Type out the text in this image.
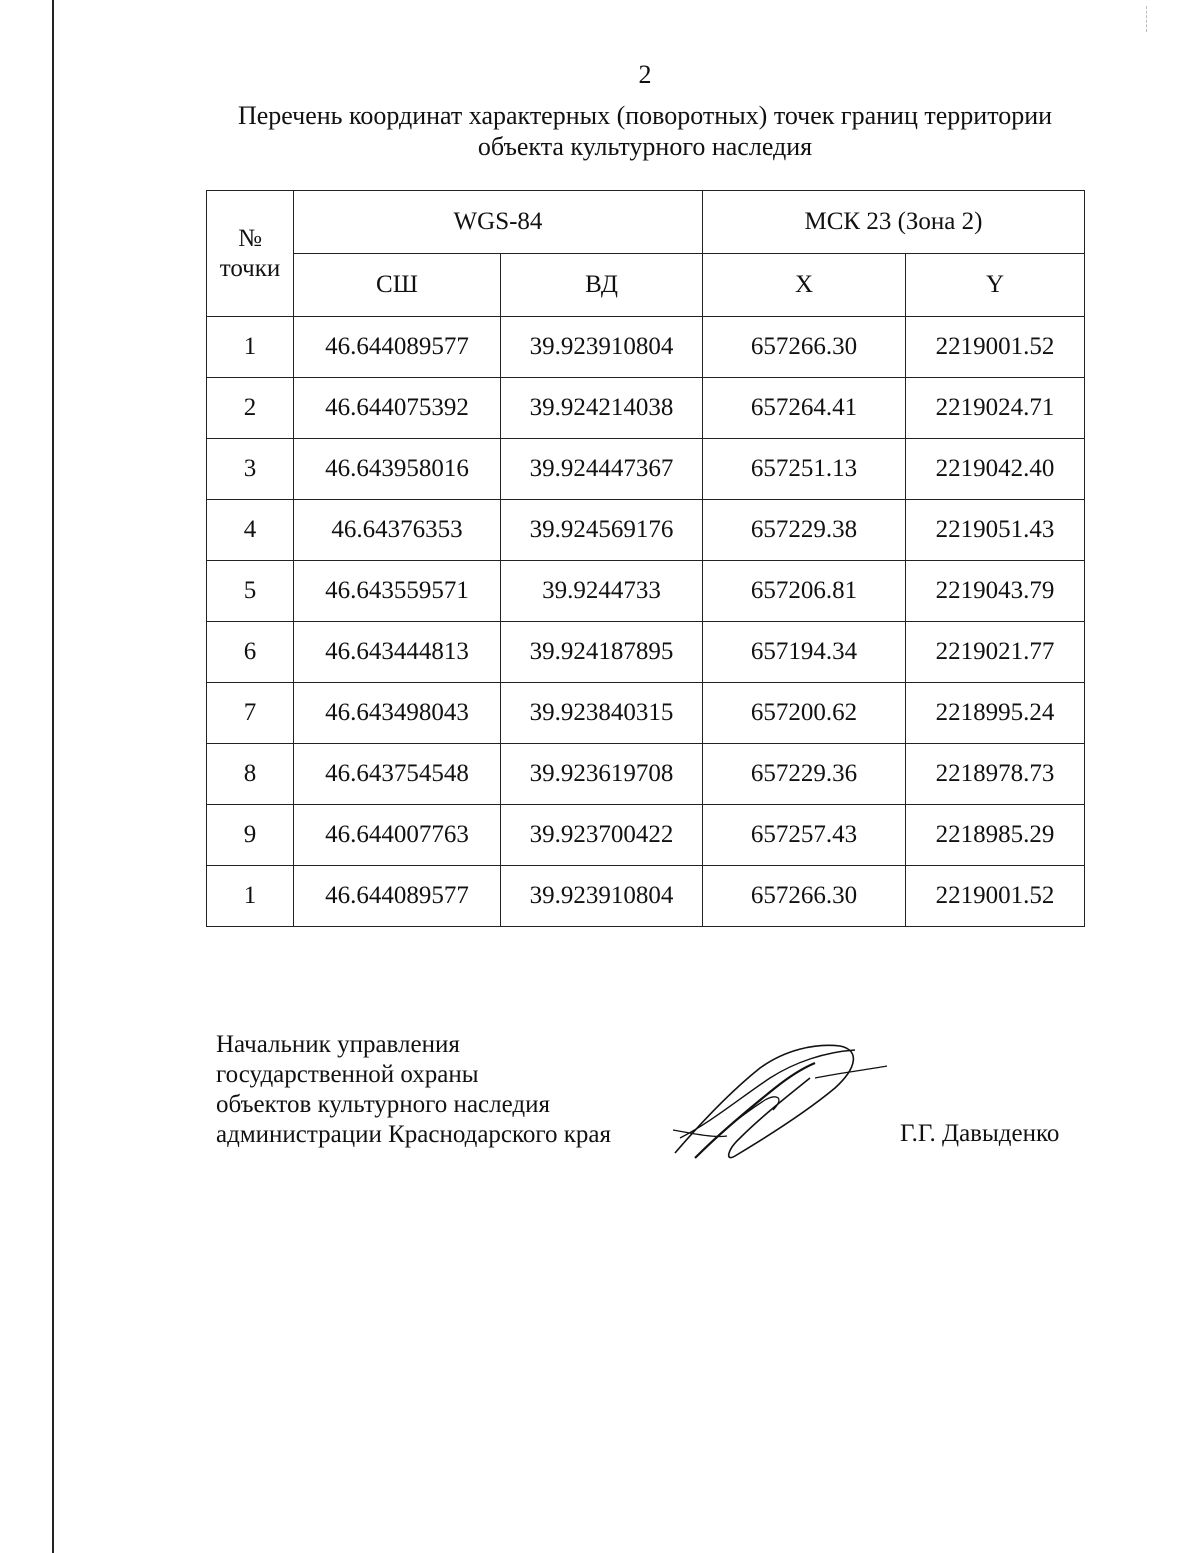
2
Перечень координат характерных (поворотных) точек границ территории
объекта культурного наследия
№
точки	WGS-84		МСК 23 (Зона 2)	
	СШ	ВД	X	Y
1	46.644089577	39.923910804	657266.30	2219001.52
2	46.644075392	39.924214038	657264.41	2219024.71
3	46.643958016	39.924447367	657251.13	2219042.40
4	46.64376353	39.924569176	657229.38	2219051.43
5	46.643559571	39.9244733	657206.81	2219043.79
6	46.643444813	39.924187895	657194.34	2219021.77
7	46.643498043	39.923840315	657200.62	2218995.24
8	46.643754548	39.923619708	657229.36	2218978.73
9	46.644007763	39.923700422	657257.43	2218985.29
1	46.644089577	39.923910804	657266.30	2219001.52
Начальник управления
государственной охраны
объектов культурного наследия
администрации Краснодарского края	Г.Г. Давыденко
